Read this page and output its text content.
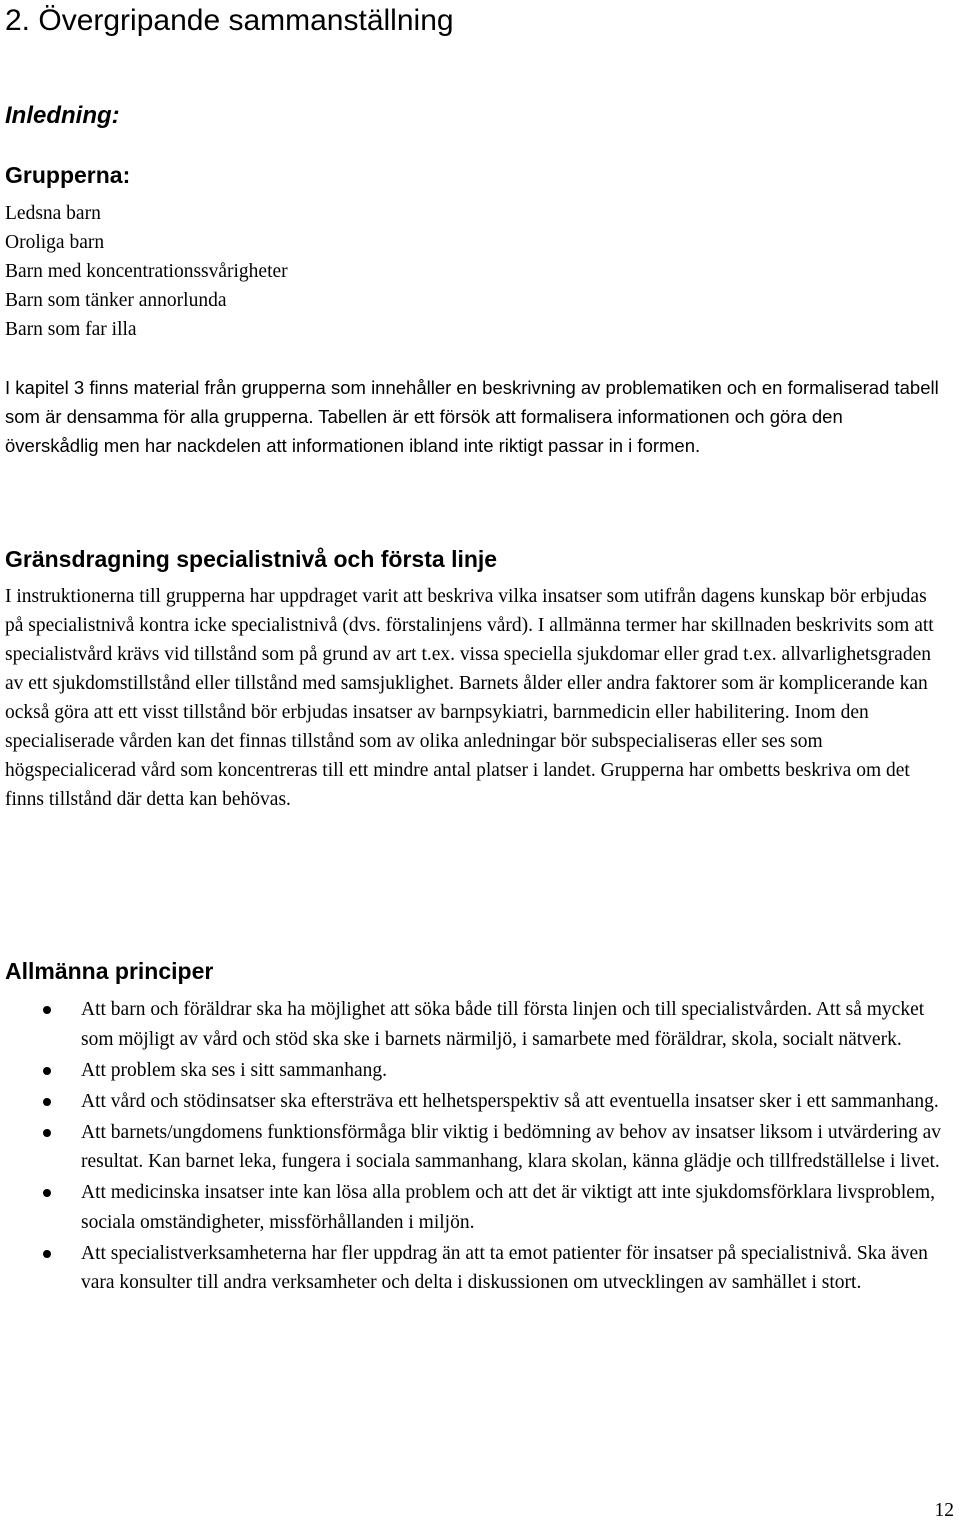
2. Övergripande sammanställning
Inledning:
Grupperna:
Ledsna barn
Oroliga barn
Barn med koncentrationssvårigheter
Barn som tänker annorlunda
Barn som far illa

I kapitel 3 finns material från grupperna som innehåller en beskrivning av problematiken och en formaliserad tabell som är densamma för alla grupperna. Tabellen är ett försök att formalisera informationen och göra den överskådlig men har nackdelen att informationen ibland inte riktigt passar in i formen.

Gränsdragning specialistnivå och första linje

I instruktionerna till grupperna har uppdraget varit att beskriva vilka insatser som utifrån dagens kunskap bör erbjudas på specialistnivå kontra icke specialistnivå (dvs. förstalinjens vård). I allmänna termer har skillnaden beskrivits som att specialistvård krävs vid tillstånd som på grund av art t.ex. vissa speciella sjukdomar eller grad t.ex. allvarlighetsgraden av ett sjukdomstillstånd eller tillstånd med samsjuklighet. Barnets ålder eller andra faktorer som är komplicerande kan också göra att ett visst tillstånd bör erbjudas insatser av barnpsykiatri, barnmedicin eller habilitering. Inom den specialiserade vården kan det finnas tillstånd som av olika anledningar bör subspecialiseras eller ses som högspecialicerad vård som koncentreras till ett mindre antal platser i landet. Grupperna har ombetts beskriva om det finns tillstånd där detta kan behövas.

Allmänna principer
Att barn och föräldrar ska ha möjlighet att söka både till första linjen och till specialistvården. Att så mycket som möjligt av vård och stöd ska ske i barnets närmiljö, i samarbete med föräldrar, skola, socialt nätverk.
Att problem ska ses i sitt sammanhang.
Att vård och stödinsatser ska eftersträva ett helhetsperspektiv så att eventuella insatser sker i ett sammanhang.
Att barnets/ungdomens funktionsförmåga blir viktig i bedömning av behov av insatser liksom i utvärdering av resultat. Kan barnet leka, fungera i sociala sammanhang, klara skolan, känna glädje och tillfredställelse i livet.
Att medicinska insatser inte kan lösa alla problem och att det är viktigt att inte sjukdomsförklara livsproblem, sociala omständigheter, missförhållanden i miljön.
Att specialistverksamheterna har fler uppdrag än att ta emot patienter för insatser på specialistnivå. Ska även vara konsulter till andra verksamheter och delta i diskussionen om utvecklingen av samhället i stort.

12
